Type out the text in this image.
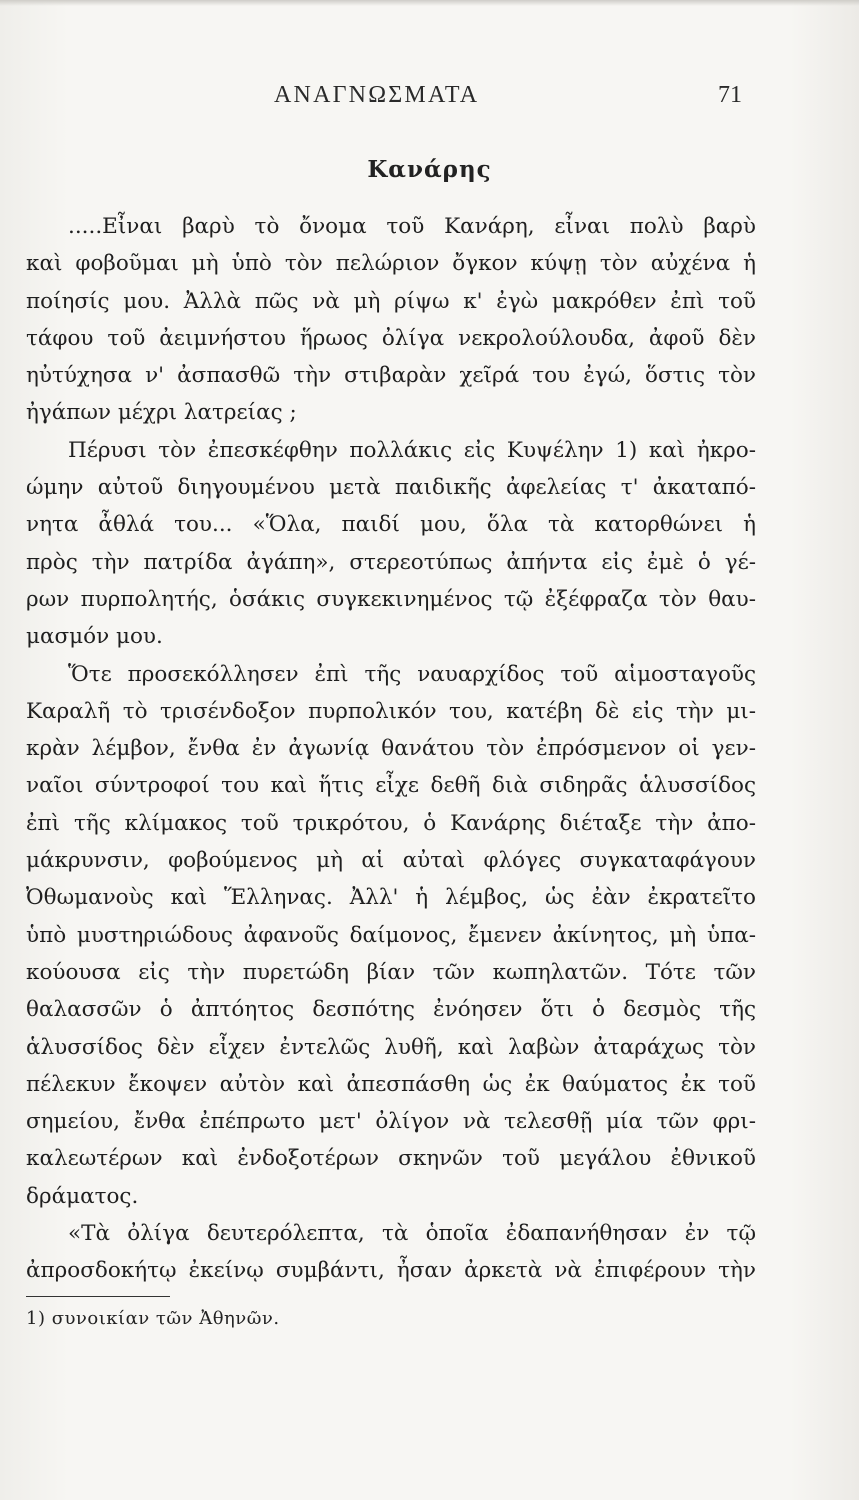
ΑΝΑΓΝΩΣΜΑΤΑ	71
Κανάρης
.....Εἶναι βαρὺ τὸ ὄνομα τοῦ Κανάρη, εἶναι πολὺ βαρὺ
καὶ φοβοῦμαι μὴ ὑπὸ τὸν πελώριον ὄγκον κύψῃ τὸν αὐχένα ἡ
ποίησίς μου. Ἀλλὰ πῶς νὰ μὴ ρίψω κ' ἐγὼ μακρόθεν ἐπὶ τοῦ
τάφου τοῦ ἀειμνήστου ἥρωος ὀλίγα νεκρολούλουδα, ἀφοῦ δὲν
ηὐτύχησα ν' ἀσπασθῶ τὴν στιβαρὰν χεῖρά του ἐγώ, ὅστις τὸν
ἠγάπων μέχρι λατρείας ;
Πέρυσι τὸν ἐπεσκέφθην πολλάκις εἰς Κυψέλην 1) καὶ ἠκρο-
ώμην αὐτοῦ διηγουμένου μετὰ παιδικῆς ἀφελείας τ' ἀκαταπό-
νητα ἆθλά του... «Ὅλα, παιδί μου, ὅλα τὰ κατορθώνει ἡ
πρὸς τὴν πατρίδα ἀγάπη», στερεοτύπως ἀπήντα εἰς ἐμὲ ὁ γέ-
ρων πυρπολητής, ὁσάκις συγκεκινημένος τῷ ἐξέφραζα τὸν θαυ-
μασμόν μου.
Ὅτε προσεκόλλησεν ἐπὶ τῆς ναυαρχίδος τοῦ αἱμοσταγοῦς
Καραλῆ τὸ τρισένδοξον πυρπολικόν του, κατέβη δὲ εἰς τὴν μι-
κρὰν λέμβον, ἔνθα ἐν ἀγωνίᾳ θανάτου τὸν ἐπρόσμενον οἱ γεν-
ναῖοι σύντροφοί του καὶ ἥτις εἶχε δεθῆ διὰ σιδηρᾶς ἁλυσσίδος
ἐπὶ τῆς κλίμακος τοῦ τρικρότου, ὁ Κανάρης διέταξε τὴν ἀπο-
μάκρυνσιν, φοβούμενος μὴ αἱ αὐταὶ φλόγες συγκαταφάγουν
Ὀθωμανοὺς καὶ Ἕλληνας. Ἀλλ' ἡ λέμβος, ὡς ἐὰν ἐκρατεῖτο
ὑπὸ μυστηριώδους ἀφανοῦς δαίμονος, ἔμενεν ἀκίνητος, μὴ ὑπα-
κούουσα εἰς τὴν πυρετώδη βίαν τῶν κωπηλατῶν. Τότε τῶν
θαλασσῶν ὁ ἀπτόητος δεσπότης ἐνόησεν ὅτι ὁ δεσμὸς τῆς
ἁλυσσίδος δὲν εἶχεν ἐντελῶς λυθῆ, καὶ λαβὼν ἀταράχως τὸν
πέλεκυν ἔκοψεν αὐτὸν καὶ ἀπεσπάσθη ὡς ἐκ θαύματος ἐκ τοῦ
σημείου, ἔνθα ἐπέπρωτο μετ' ὀλίγον νὰ τελεσθῇ μία τῶν φρι-
καλεωτέρων καὶ ἐνδοξοτέρων σκηνῶν τοῦ μεγάλου ἐθνικοῦ
δράματος.
«Τὰ ὀλίγα δευτερόλεπτα, τὰ ὁποῖα ἐδαπανήθησαν ἐν τῷ
ἀπροσδοκήτῳ ἐκείνῳ συμβάντι, ἦσαν ἀρκετὰ νὰ ἐπιφέρουν τὴν
1) συνοικίαν τῶν Ἀθηνῶν.
